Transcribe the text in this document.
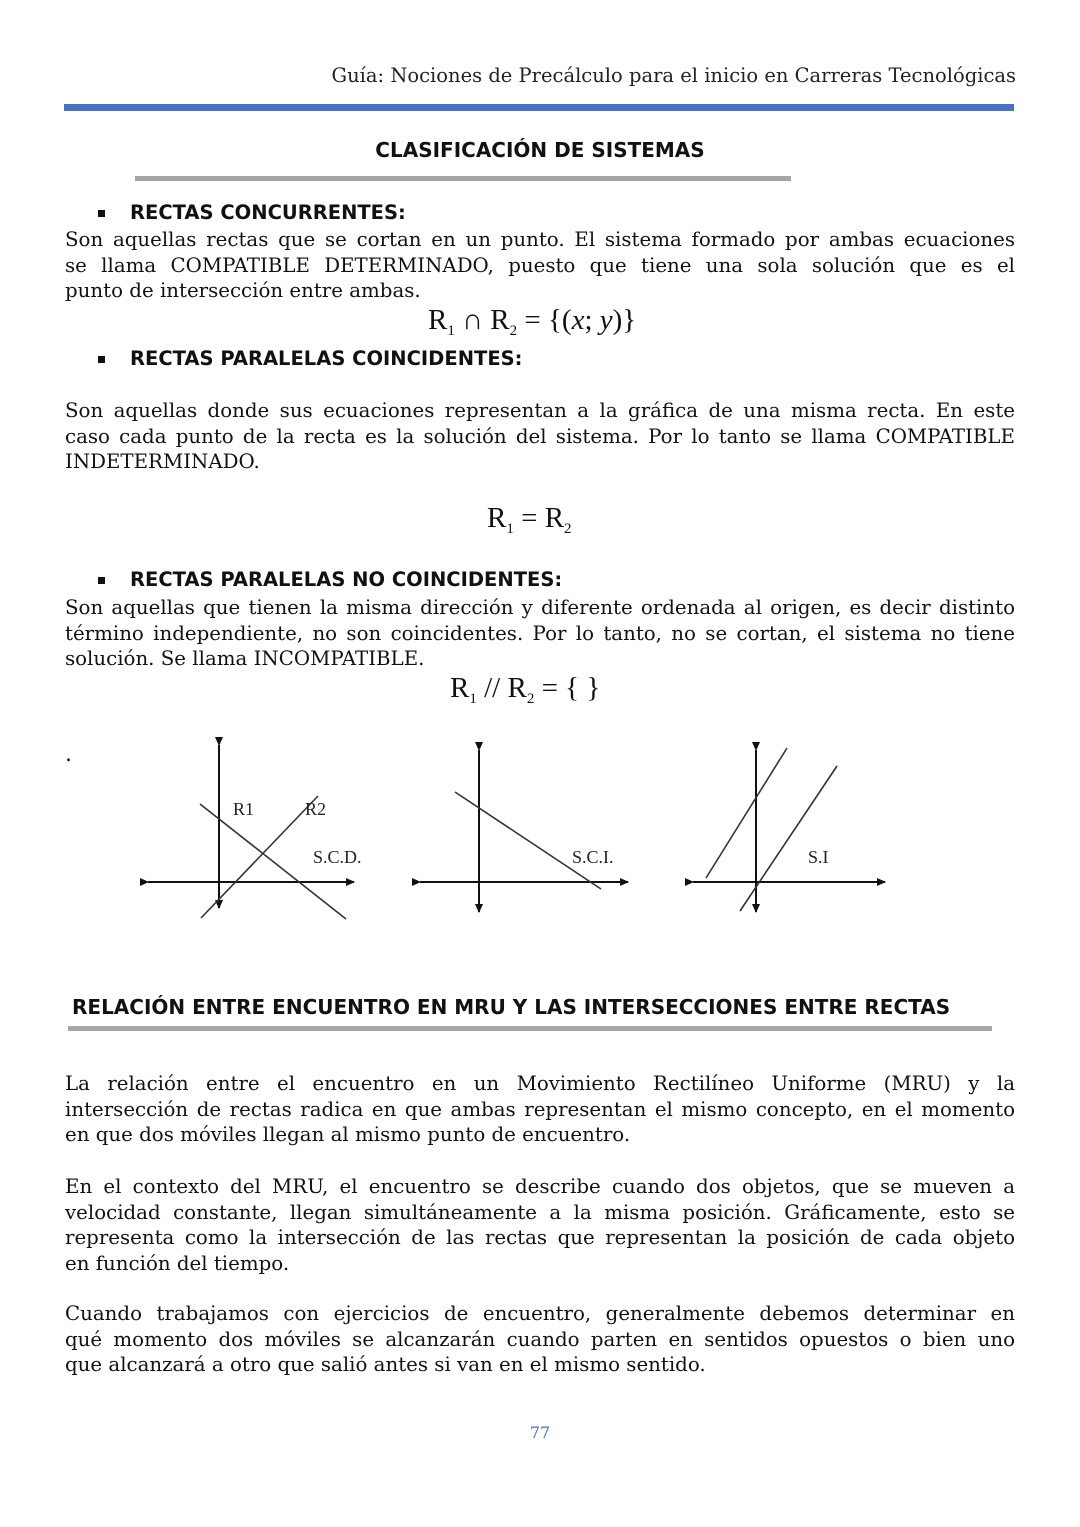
Guía: Nociones de Precálculo para el inicio en Carreras Tecnológicas
CLASIFICACIÓN DE SISTEMAS
RECTAS CONCURRENTES:
Son aquellas rectas que se cortan en un punto. El sistema formado por ambas ecuaciones
se llama COMPATIBLE DETERMINADO, puesto que tiene una sola solución que es el
punto de intersección entre ambas.
$R_1$ ∩ $R_2 = \{(x$; y)}
RECTAS PARALELAS COINCIDENTES:
Son aquellas donde sus ecuaciones representan a la gráfica de una misma recta. En este
caso cada punto de la recta es la solución del sistema. Por lo tanto se llama COMPATIBLE
INDETERMINADO.
$R_1 = R_2$
RECTAS PARALELAS NO COINCIDENTES:
Son aquellas que tienen la misma dirección y diferente ordenada al origen, es decir distinto
término independiente, no son coincidentes. Por lo tanto, no se cortan, el sistema no tiene
solución. Se llama INCOMPATIBLE.
$R_1 // R_2$ = { }
.
R1	R2
S.C.D.	S.C.I.	S.I
RELACIÓN ENTRE ENCUENTRO EN MRU Y LAS INTERSECCIONES ENTRE RECTAS
La relación entre el encuentro en un Movimiento Rectilíneo Uniforme (MRU) y la
intersección de rectas radica en que ambas representan el mismo concepto, en el momento
en que dos móviles llegan al mismo punto de encuentro.
En el contexto del MRU, el encuentro se describe cuando dos objetos, que se mueven a
velocidad constante, llegan simultáneamente a la misma posición. Gráficamente, esto se
representa como la intersección de las rectas que representan la posición de cada objeto
en función del tiempo.
Cuando trabajamos con ejercicios de encuentro, generalmente debemos determinar en
qué momento dos móviles se alcanzarán cuando parten en sentidos opuestos o bien uno
que alcanzará a otro que salió antes si van en el mismo sentido.
77
